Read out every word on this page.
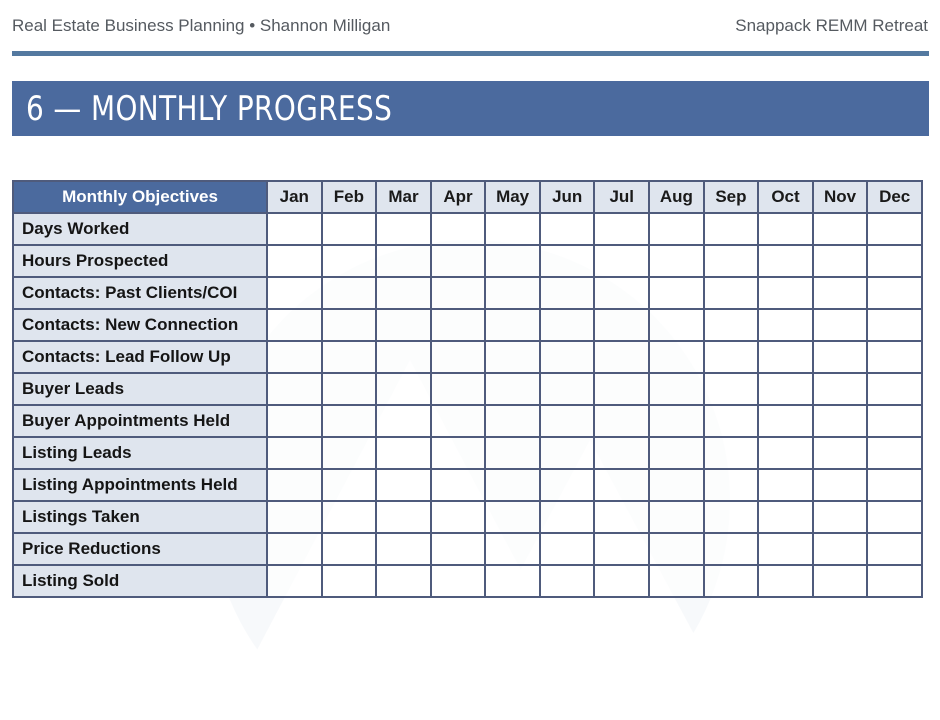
Real Estate Business Planning • Shannon Milligan	Snappack REMM Retreat
6 — MONTHLY PROGRESS
Monthly Objectives	Jan	Feb	Mar	Apr	May	Jun	Jul	Aug	Sep	Oct	Nov	Dec
Days Worked												
Hours Prospected												
Contacts: Past Clients/COI												
Contacts: New Connection												
Contacts: Lead Follow Up												
Buyer Leads												
Buyer Appointments Held												
Listing Leads												
Listing Appointments Held												
Listings Taken												
Price Reductions												
Listing Sold												
